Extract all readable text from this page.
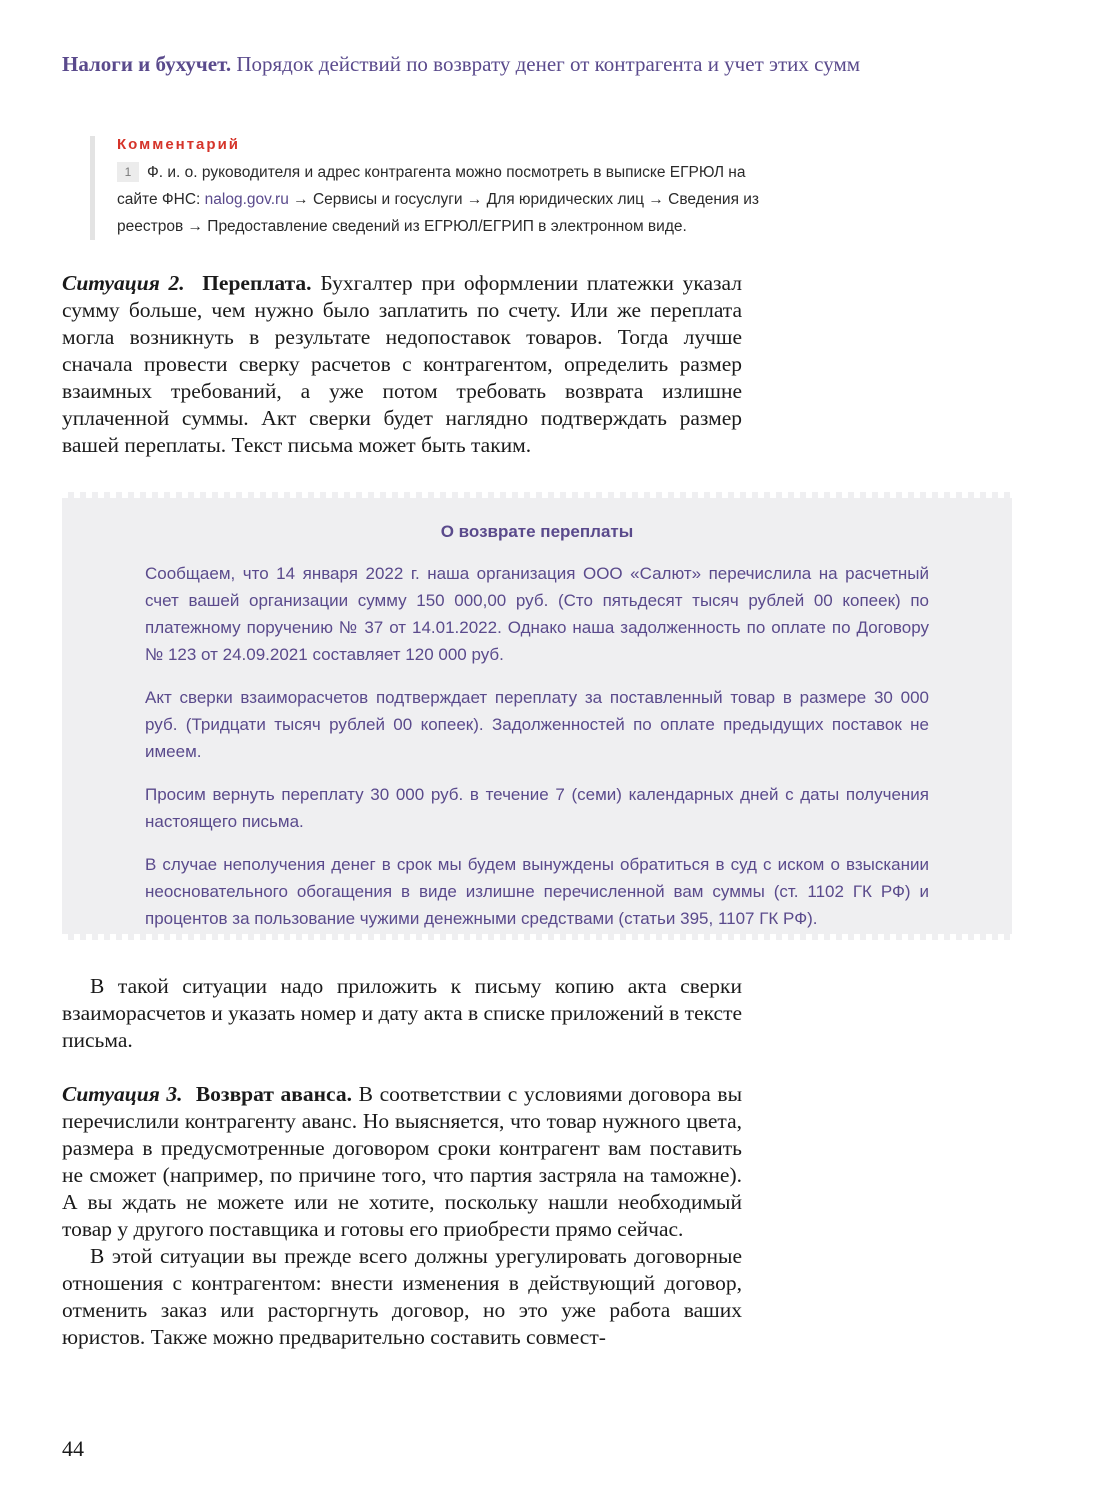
Налоги и бухучет. Порядок действий по возврату денег от контрагента и учет этих сумм
Комментарий
1 Ф. и. о. руководителя и адрес контрагента можно посмотреть в выписке ЕГРЮЛ на сайте ФНС: nalog.gov.ru → Сервисы и госуслуги → Для юридических лиц → Сведения из реестров → Предоставление сведений из ЕГРЮЛ/ЕГРИП в электронном виде.

Ситуация 2. Переплата. Бухгалтер при оформлении платежки указал сумму больше, чем нужно было заплатить по счету. Или же переплата могла возникнуть в результате недопоставок товаров. Тогда лучше сначала провести сверку расчетов с контрагентом, определить размер взаимных требований, а уже потом требовать возврата излишне уплаченной суммы. Акт сверки будет наглядно подтверждать размер вашей переплаты. Текст письма может быть таким.

О возврате переплаты

Сообщаем, что 14 января 2022 г. наша организация ООО «Салют» перечислила на расчетный счет вашей организации сумму 150 000,00 руб. (Сто пятьдесят тысяч рублей 00 копеек) по платежному поручению № 37 от 14.01.2022. Однако наша задолженность по оплате по Договору № 123 от 24.09.2021 составляет 120 000 руб.

Акт сверки взаиморасчетов подтверждает переплату за поставленный товар в размере 30 000 руб. (Тридцати тысяч рублей 00 копеек). Задолженностей по оплате предыдущих поставок не имеем.

Просим вернуть переплату 30 000 руб. в течение 7 (семи) календарных дней с даты получения настоящего письма.

В случае неполучения денег в срок мы будем вынуждены обратиться в суд с иском о взыскании неосновательного обогащения в виде излишне перечисленной вам суммы (ст. 1102 ГК РФ) и процентов за пользование чужими денежными средствами (статьи 395, 1107 ГК РФ).

В такой ситуации надо приложить к письму копию акта сверки взаиморасчетов и указать номер и дату акта в списке приложений в тексте письма.

Ситуация 3. Возврат аванса. В соответствии с условиями договора вы перечислили контрагенту аванс. Но выясняется, что товар нужного цвета, размера в предусмотренные договором сроки контрагент вам поставить не сможет (например, по причине того, что партия застряла на таможне). А вы ждать не можете или не хотите, поскольку нашли необходимый товар у другого поставщика и готовы его приобрести прямо сейчас.

В этой ситуации вы прежде всего должны урегулировать договорные отношения с контрагентом: внести изменения в действующий договор, отменить заказ или расторгнуть договор, но это уже работа ваших юристов. Также можно предварительно составить совмест-

44
